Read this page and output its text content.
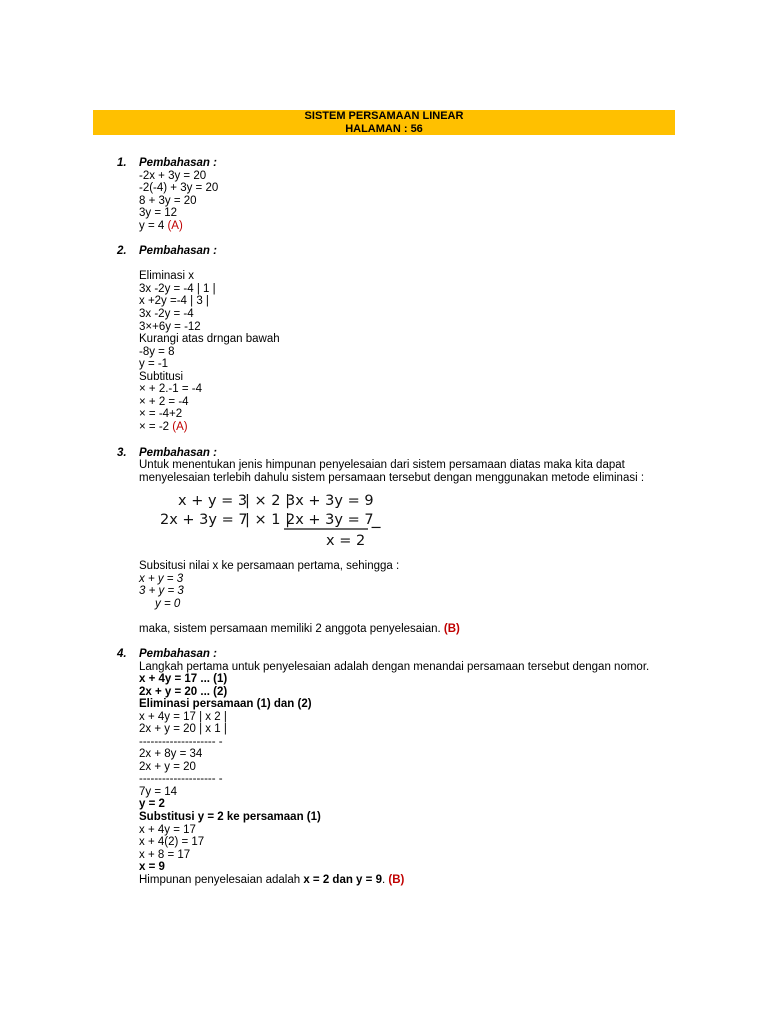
SISTEM PERSAMAAN LINEAR
HALAMAN : 56
1. Pembahasan :
-2x + 3y = 20
-2(-4) + 3y = 20
8 + 3y = 20
3y = 12
y = 4 (A)
2. Pembahasan :
Eliminasi x
3x -2y = -4 | 1 |
x +2y =-4 | 3 |
3x -2y = -4
3×+6y = -12
Kurangi atas drngan bawah
-8y = 8
y = -1
Subtitusi
× + 2.-1 = -4
× + 2 = -4
× = -4+2
× = -2 (A)
3. Pembahasan :
Untuk menentukan jenis himpunan penyelesaian dari sistem persamaan diatas maka kita dapat
menyelesaian terlebih dahulu sistem persamaan tersebut dengan menggunakan metode eliminasi :
x + y = 3
| × 2 |
3x + 3y = 9
2x + 3y = 7
| × 1 |
2x + 3y = 7
−
x = 2
Subsitusi nilai x ke persamaan pertama, sehingga :
x + y = 3
3 + y = 3
y = 0
maka, sistem persamaan memiliki 2 anggota penyelesaian. (B)
4. Pembahasan :
Langkah pertama untuk penyelesaian adalah dengan menandai persamaan tersebut dengan nomor.
x + 4y = 17 ... (1)
2x + y = 20 ... (2)
Eliminasi persamaan (1) dan (2)
x + 4y = 17 | x 2 |
2x + y = 20 | x 1 |
-------------------- -
2x + 8y = 34
2x + y = 20
-------------------- -
7y = 14
y = 2
Substitusi y = 2 ke persamaan (1)
x + 4y = 17
x + 4(2) = 17
x + 8 = 17
x = 9
Himpunan penyelesaian adalah x = 2 dan y = 9. (B)
